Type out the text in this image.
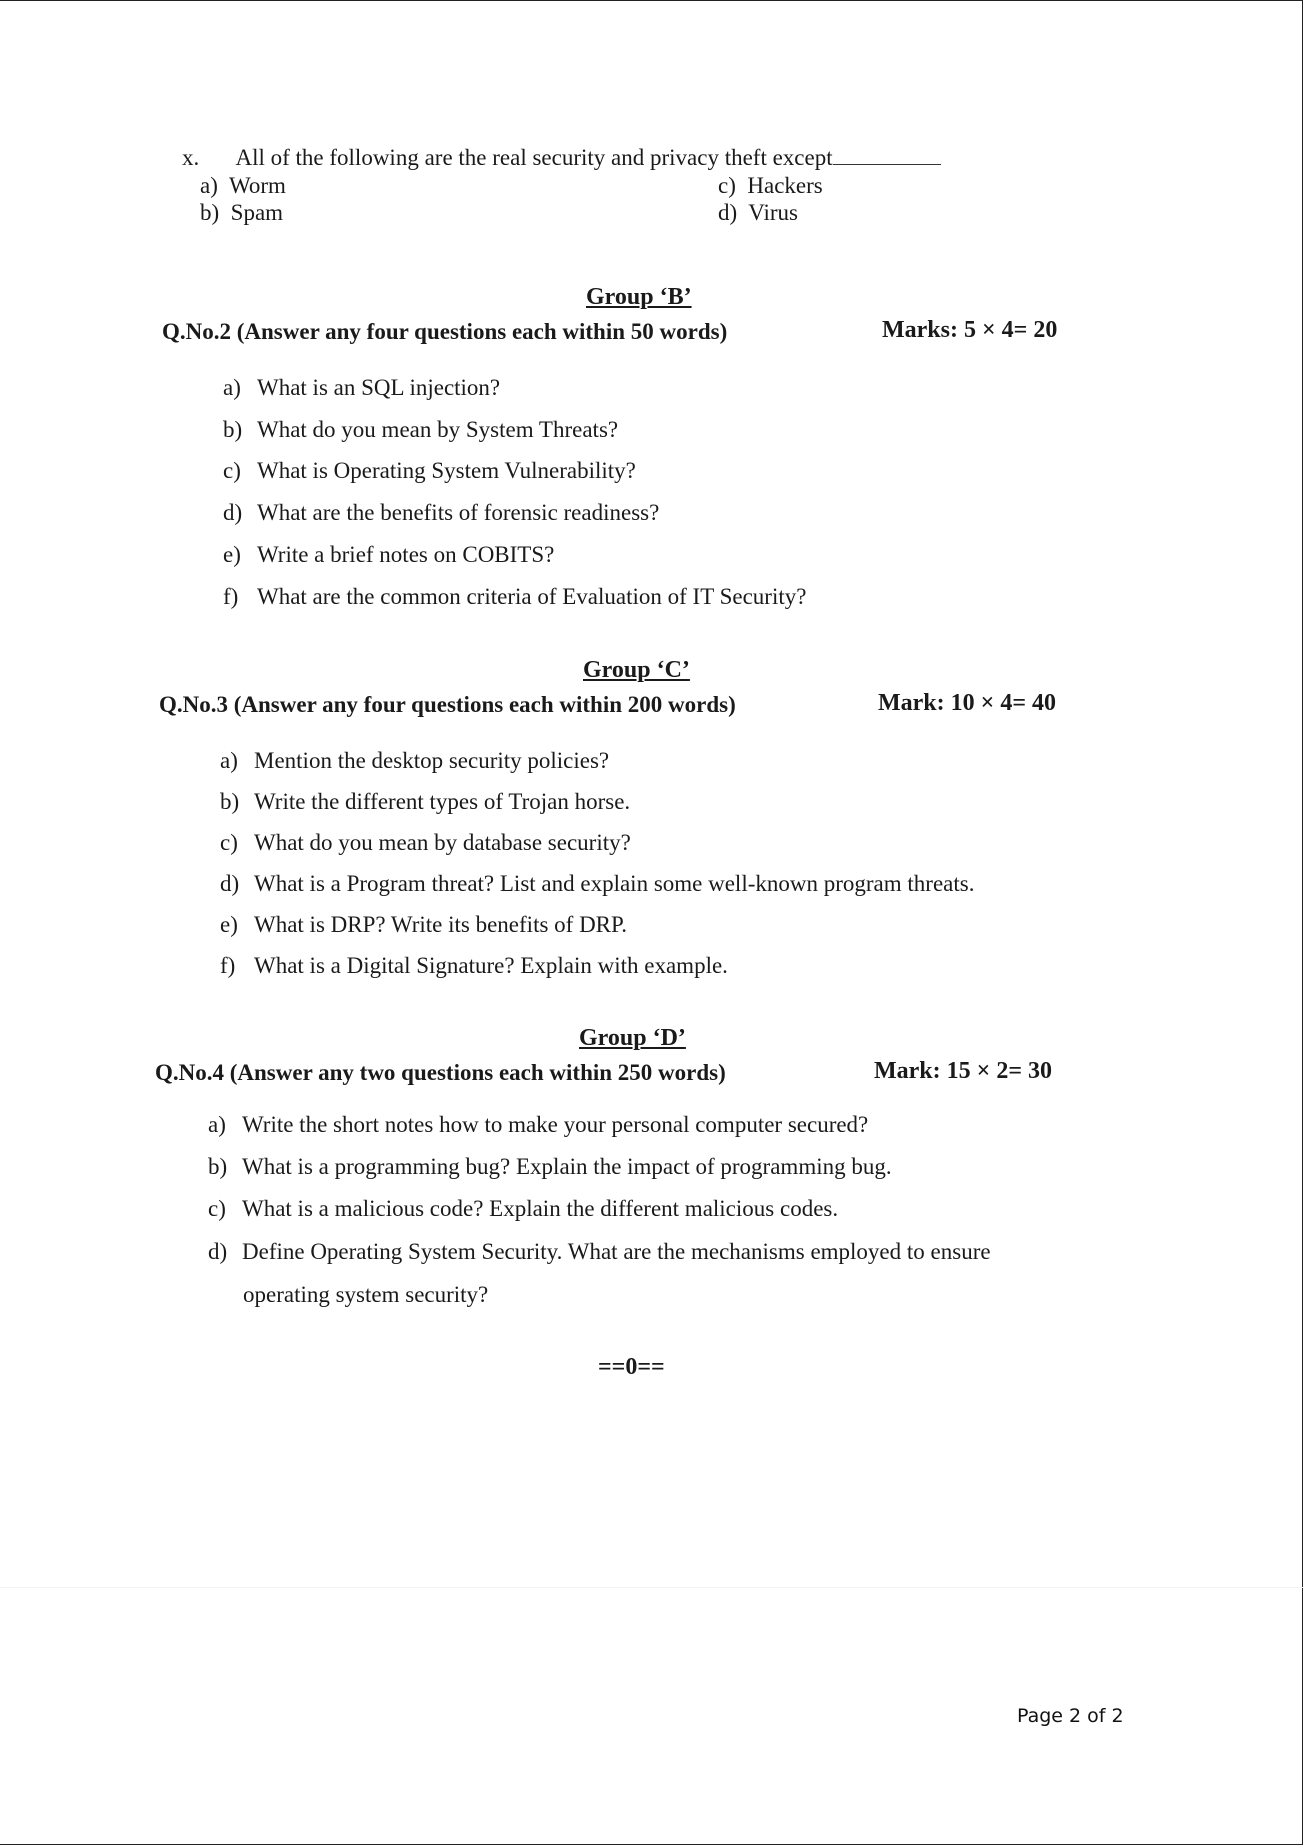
x. All of the following are the real security and privacy theft except
a) Worm
b) Spam
c) Hackers
d) Virus
Group ‘B’
Q.No.2 (Answer any four questions each within 50 words)	Marks: 5 × 4= 20
a) What is an SQL injection?
b) What do you mean by System Threats?
c) What is Operating System Vulnerability?
d) What are the benefits of forensic readiness?
e) Write a brief notes on COBITS?
f) What are the common criteria of Evaluation of IT Security?
Group ‘C’
Q.No.3 (Answer any four questions each within 200 words)	Mark: 10 × 4= 40
a) Mention the desktop security policies?
b) Write the different types of Trojan horse.
c) What do you mean by database security?
d) What is a Program threat? List and explain some well-known program threats.
e) What is DRP? Write its benefits of DRP.
f) What is a Digital Signature? Explain with example.
Group ‘D’
Q.No.4 (Answer any two questions each within 250 words)	Mark: 15 × 2= 30
a) Write the short notes how to make your personal computer secured?
b) What is a programming bug? Explain the impact of programming bug.
c) What is a malicious code? Explain the different malicious codes.
d) Define Operating System Security. What are the mechanisms employed to ensure
operating system security?
==0==
Page 2 of 2
